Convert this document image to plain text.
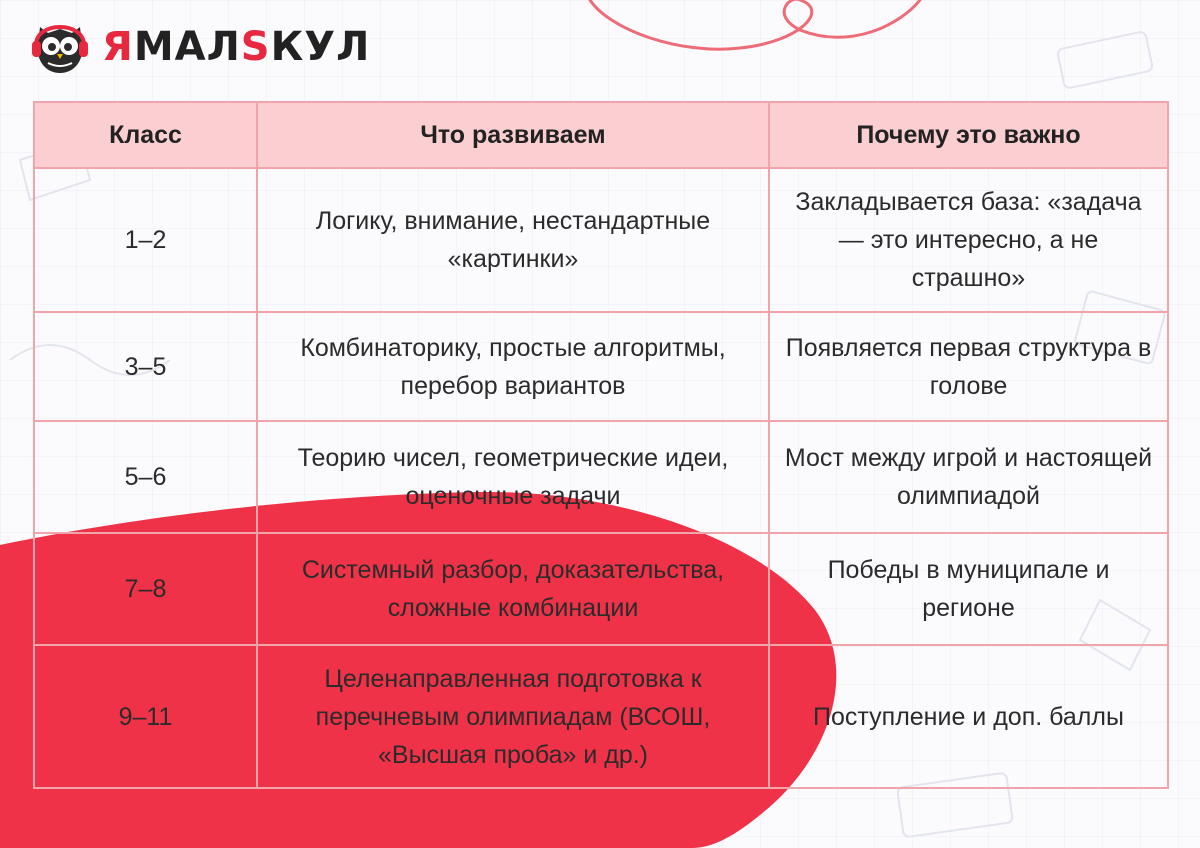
ЯМАЛSКУЛ
Класс	Что развиваем	Почему это важно
1–2	Логику, внимание, нестандартные «картинки»	Закладывается база: «задача — это интересно, а не страшно»
3–5	Комбинаторику, простые алгоритмы, перебор вариантов	Появляется первая структура в голове
5–6	Теорию чисел, геометрические идеи, оценочные задачи	Мост между игрой и настоящей олимпиадой
7–8	Системный разбор, доказательства, сложные комбинации	Победы в муниципале и регионе
9–11	Целенаправленная подготовка к перечневым олимпиадам (ВСОШ, «Высшая проба» и др.)	Поступление и доп. баллы
